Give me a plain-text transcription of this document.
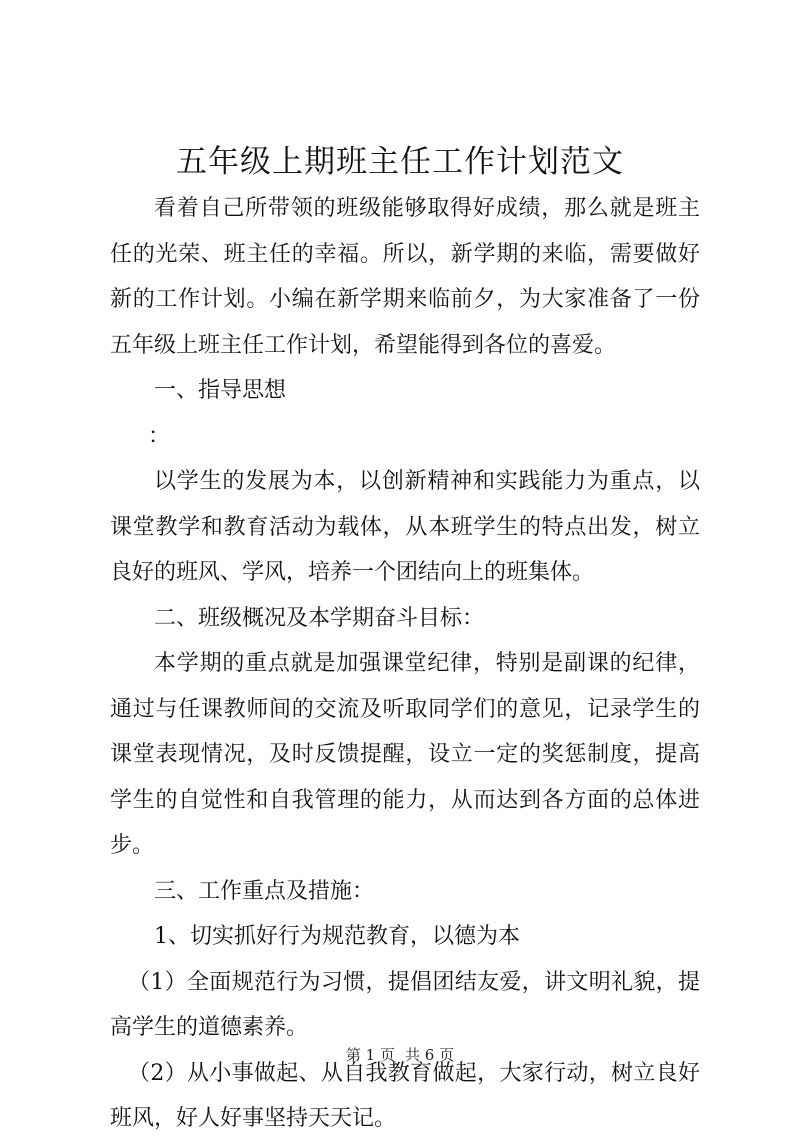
五年级上期班主任工作计划范文

看着自己所带领的班级能够取得好成绩，那么就是班主任的光荣、班主任的幸福。所以，新学期的来临，需要做好新的工作计划。小编在新学期来临前夕，为大家准备了一份五年级上班主任工作计划，希望能得到各位的喜爱。

一、指导思想

：

以学生的发展为本，以创新精神和实践能力为重点，以课堂教学和教育活动为载体，从本班学生的特点出发，树立良好的班风、学风，培养一个团结向上的班集体。

二、班级概况及本学期奋斗目标：

本学期的重点就是加强课堂纪律，特别是副课的纪律，通过与任课教师间的交流及听取同学们的意见，记录学生的课堂表现情况，及时反馈提醒，设立一定的奖惩制度，提高学生的自觉性和自我管理的能力，从而达到各方面的总体进步。

三、工作重点及措施：

1、切实抓好行为规范教育，以德为本

（1）全面规范行为习惯，提倡团结友爱，讲文明礼貌，提高学生的道德素养。

（2）从小事做起、从自我教育做起，大家行动，树立良好班风，好人好事坚持天天记。

第 1 页 共 6 页
